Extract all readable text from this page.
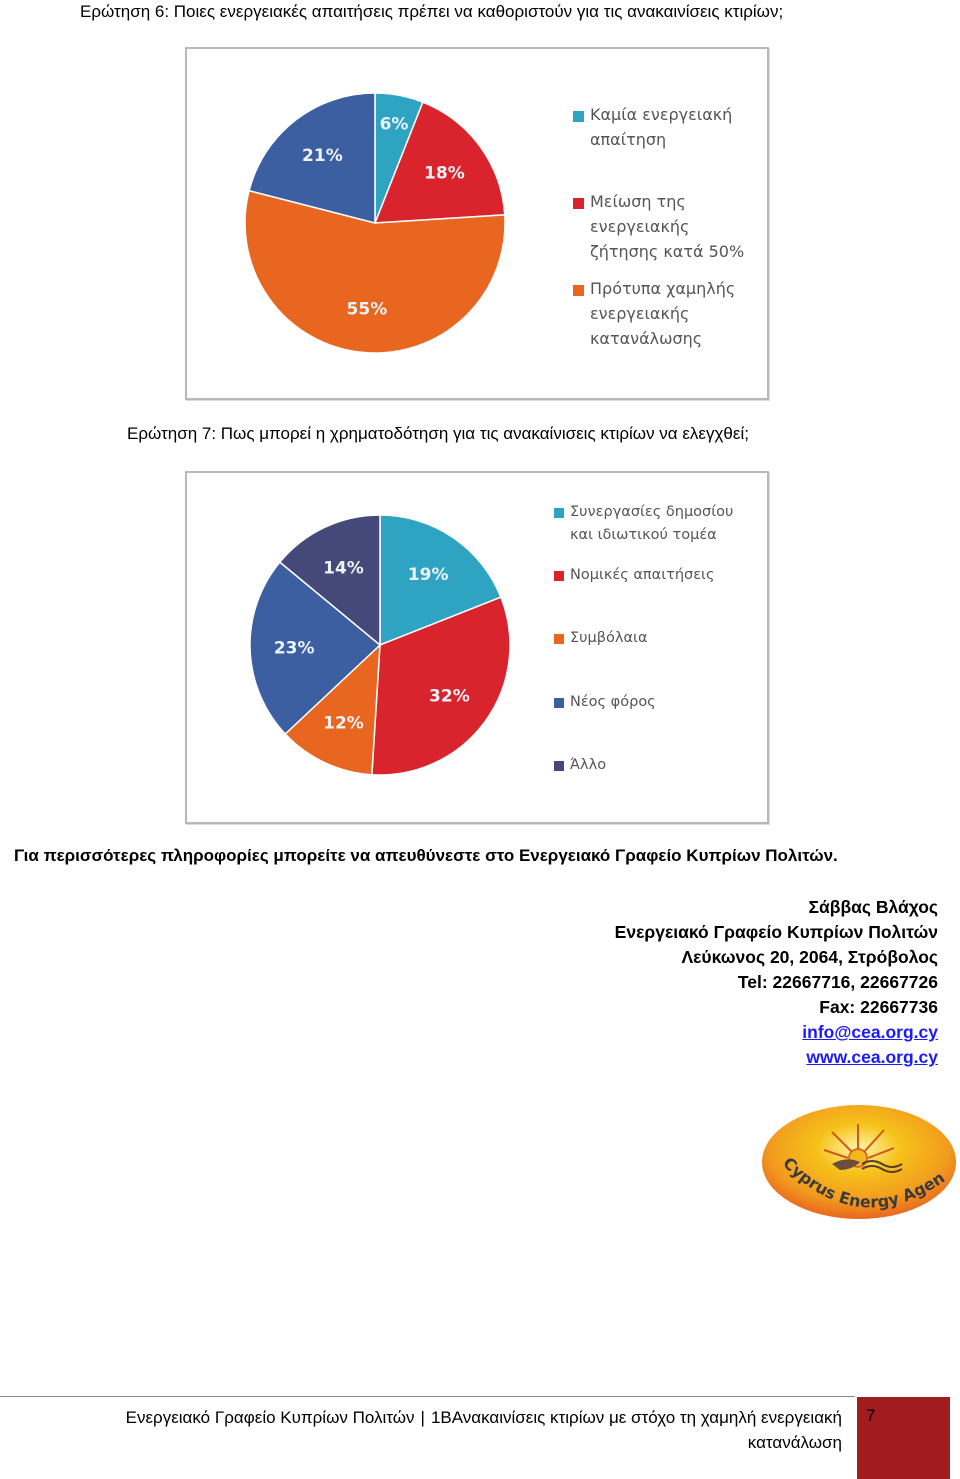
Ερώτηση 6: Ποιες ενεργειακές απαιτήσεις πρέπει να καθοριστούν για τις ανακαινίσεις κτιρίων;
6%
18%
55%
21%
Καμία ενεργειακή
απαίτηση
Μείωση της
ενεργειακής
ζήτησης κατά 50%
Πρότυπα χαμηλής
ενεργειακής
κατανάλωσης
Ερώτηση 7: Πως μπορεί η χρηματοδότηση για τις ανακαίνισεις κτιρίων να ελεγχθεί;
19%
32%
12%
23%
14%
Συνεργασίες δημοσίου
και ιδιωτικού τομέα
Νομικές απαιτήσεις
Συμβόλαια
Νέος φόρος
Άλλο
Για περισσότερες πληροφορίες μπορείτε να απευθύνεστε στο Ενεργειακό Γραφείο Κυπρίων Πολιτών.
Σάββας Βλάχος
Ενεργειακό Γραφείο Κυπρίων Πολιτών
Λεύκωνος 20, 2064, Στρόβολος
Tel: 22667716, 22667726
Fax: 22667736
info@cea.org.cy
www.cea.org.cy
Cyprus Energy Agen
Ενεργειακό Γραφείο Κυπρίων Πολιτών | 1ΒΑνακαινίσεις κτιρίων με στόχο τη χαμηλή ενεργειακή
κατανάλωση
7
